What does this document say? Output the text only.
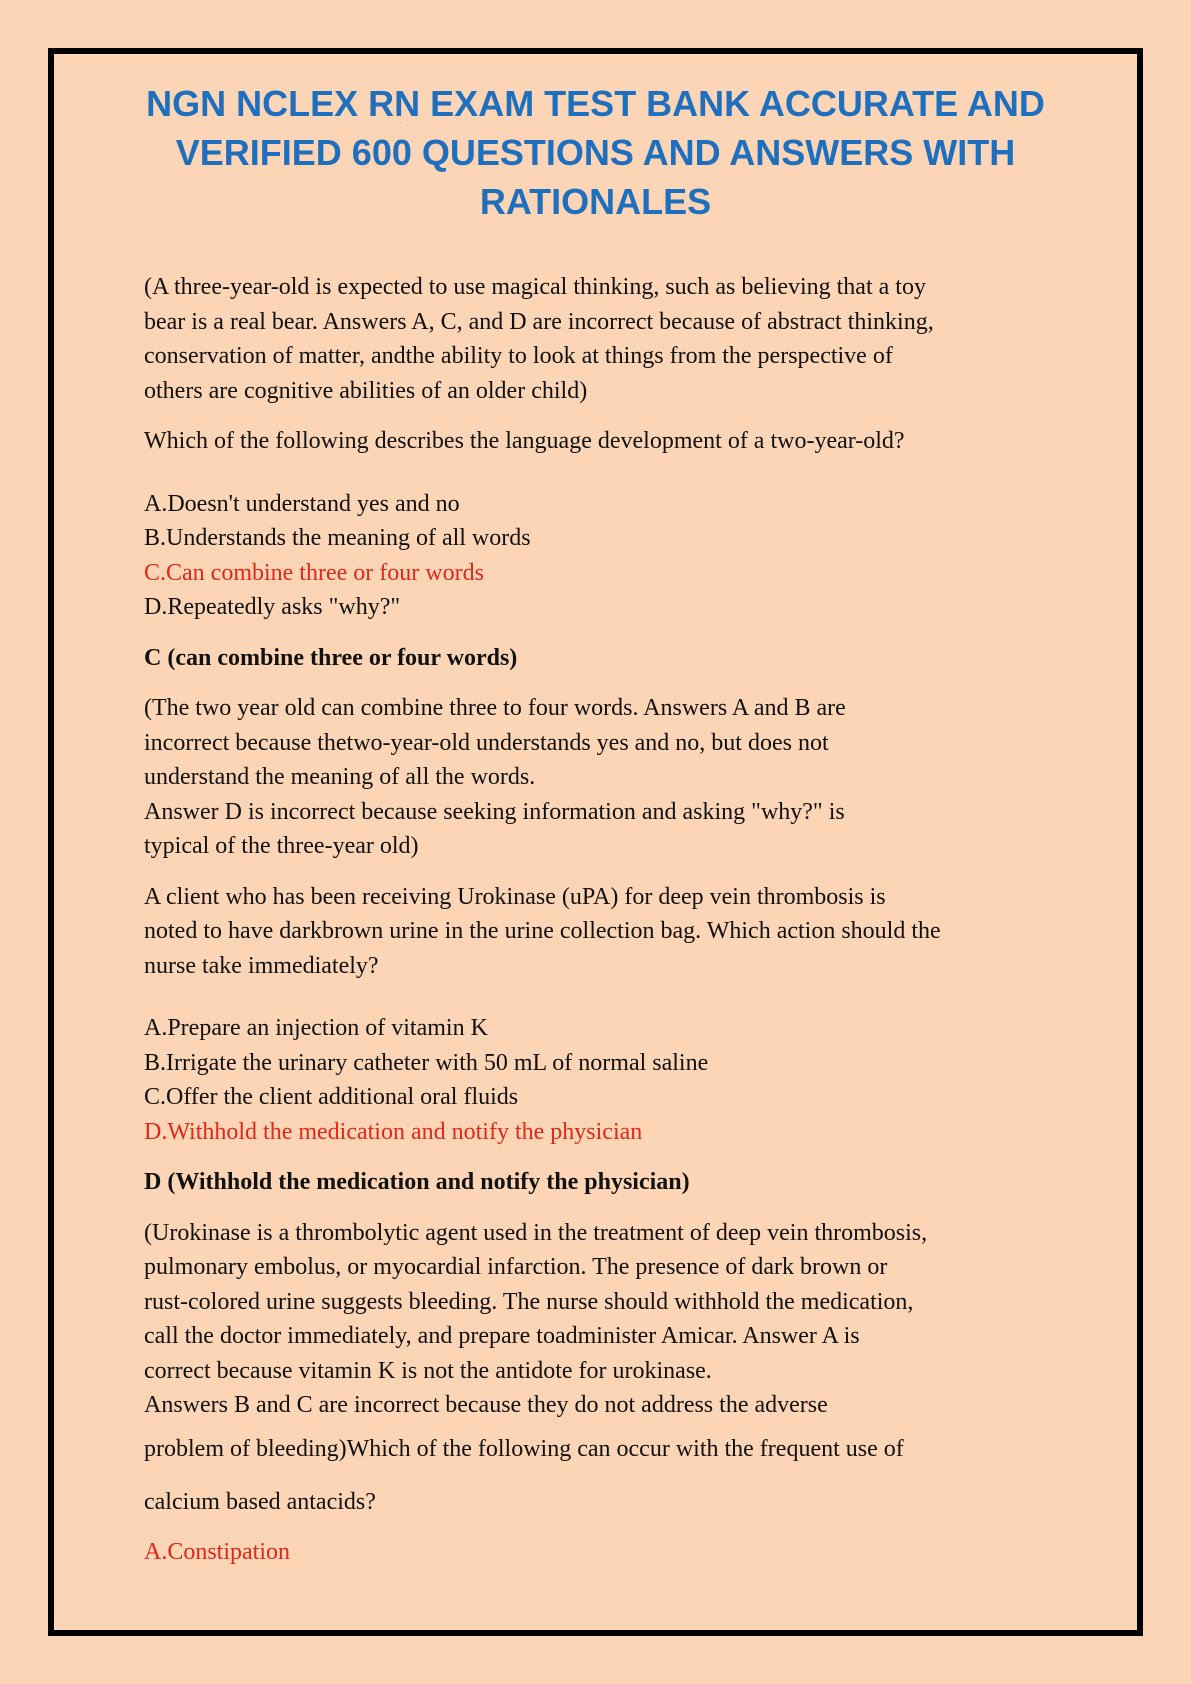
NGN NCLEX RN EXAM TEST BANK ACCURATE AND
VERIFIED 600 QUESTIONS AND ANSWERS WITH
RATIONALES

(A three-year-old is expected to use magical thinking, such as believing that a toy
bear is a real bear. Answers A, C, and D are incorrect because of abstract thinking,
conservation of matter, andthe ability to look at things from the perspective of
others are cognitive abilities of an older child)

Which of the following describes the language development of a two-year-old?

A.Doesn't understand yes and no
B.Understands the meaning of all words
C.Can combine three or four words
D.Repeatedly asks "why?"

C (can combine three or four words)

(The two year old can combine three to four words. Answers A and B are
incorrect because thetwo-year-old understands yes and no, but does not
understand the meaning of all the words.
Answer D is incorrect because seeking information and asking "why?" is
typical of the three-year old)

A client who has been receiving Urokinase (uPA) for deep vein thrombosis is
noted to have darkbrown urine in the urine collection bag. Which action should the
nurse take immediately?

A.Prepare an injection of vitamin K
B.Irrigate the urinary catheter with 50 mL of normal saline
C.Offer the client additional oral fluids
D.Withhold the medication and notify the physician

D (Withhold the medication and notify the physician)

(Urokinase is a thrombolytic agent used in the treatment of deep vein thrombosis,
pulmonary embolus, or myocardial infarction. The presence of dark brown or
rust-colored urine suggests bleeding. The nurse should withhold the medication,
call the doctor immediately, and prepare toadminister Amicar. Answer A is
correct because vitamin K is not the antidote for urokinase.
Answers B and C are incorrect because they do not address the adverse

problem of bleeding)Which of the following can occur with the frequent use of
calcium based antacids?

A.Constipation
